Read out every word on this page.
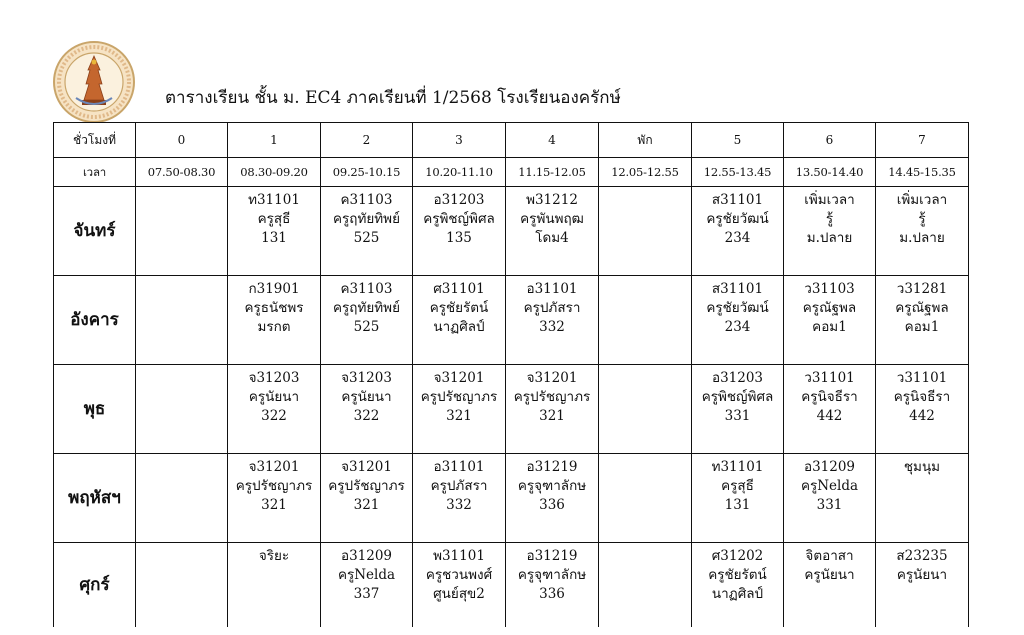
ตารางเรียน ชั้น ม. EC4 ภาคเรียนที่ 1/2568 โรงเรียนองครักษ์
ชั่วโมงที่	0	1	2	3	4	พัก	5	6	7
เวลา	07.50-08.30	08.30-09.20	09.25-10.15	10.20-11.10	11.15-12.05	12.05-12.55	12.55-13.45	13.50-14.40	14.45-15.35
จันทร์		ท31101
ครูสุธี
131	ค31103
ครูฤทัยทิพย์
525	อ31203
ครูพิชญ์พิศล
135	พ31212
ครูพันพฤฒ
โดม4		ส31101
ครูชัยวัฒน์
234	เพิ่มเวลา
รู้
ม.ปลาย	เพิ่มเวลา
รู้
ม.ปลาย

อังคาร		ก31901
ครูธนัชพร
มรกต	ค31103
ครูฤทัยทิพย์
525	ศ31101
ครูชัยรัตน์
นาฏศิลป์	อ31101
ครูปภัสรา
332		ส31101
ครูชัยวัฒน์
234	ว31103
ครูณัฐพล
คอม1	ว31281
ครูณัฐพล
คอม1

พุธ		จ31203
ครูนัยนา
322	จ31203
ครูนัยนา
322	จ31201
ครูปรัชญาภร
321	จ31201
ครูปรัชญาภร
321		อ31203
ครูพิชญ์พิศล
331	ว31101
ครูนิจธีรา
442	ว31101
ครูนิจธีรา
442

พฤหัสฯ		จ31201
ครูปรัชญาภร
321	จ31201
ครูปรัชญาภร
321	อ31101
ครูปภัสรา
332	อ31219
ครูจุฑาลักษ
336		ท31101
ครูสุธี
131	อ31209
ครูNelda
331	ชุมนุม

ศุกร์		จริยะ	อ31209
ครูNelda
337	พ31101
ครูชวนพงศ์
ศูนย์สุข2	อ31219
ครูจุฑาลักษ
336		ศ31202
ครูชัยรัตน์
นาฏศิลป์	จิตอาสา
ครูนัยนา	ส23235
ครูนัยนา
